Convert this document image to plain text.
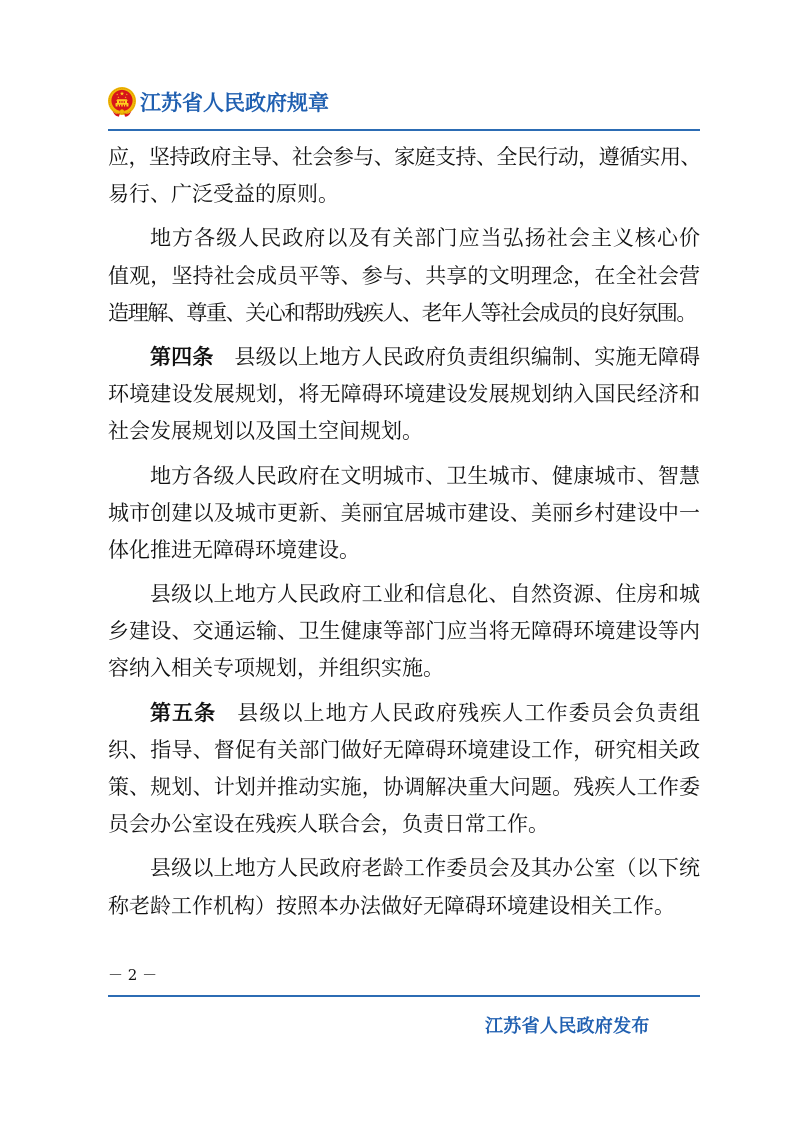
江苏省人民政府规章
应，坚持政府主导、社会参与、家庭支持、全民行动，遵循实用、
易行、广泛受益的原则。
地方各级人民政府以及有关部门应当弘扬社会主义核心价
值观，坚持社会成员平等、参与、共享的文明理念，在全社会营
造理解、尊重、关心和帮助残疾人、老年人等社会成员的良好氛围。
第四条 县级以上地方人民政府负责组织编制、实施无障碍
环境建设发展规划，将无障碍环境建设发展规划纳入国民经济和
社会发展规划以及国土空间规划。
地方各级人民政府在文明城市、卫生城市、健康城市、智慧
城市创建以及城市更新、美丽宜居城市建设、美丽乡村建设中一
体化推进无障碍环境建设。
县级以上地方人民政府工业和信息化、自然资源、住房和城
乡建设、交通运输、卫生健康等部门应当将无障碍环境建设等内
容纳入相关专项规划，并组织实施。
第五条 县级以上地方人民政府残疾人工作委员会负责组
织、指导、督促有关部门做好无障碍环境建设工作，研究相关政
策、规划、计划并推动实施，协调解决重大问题。残疾人工作委
员会办公室设在残疾人联合会，负责日常工作。
县级以上地方人民政府老龄工作委员会及其办公室（以下统
称老龄工作机构）按照本办法做好无障碍环境建设相关工作。
－ 2 －
江苏省人民政府发布
